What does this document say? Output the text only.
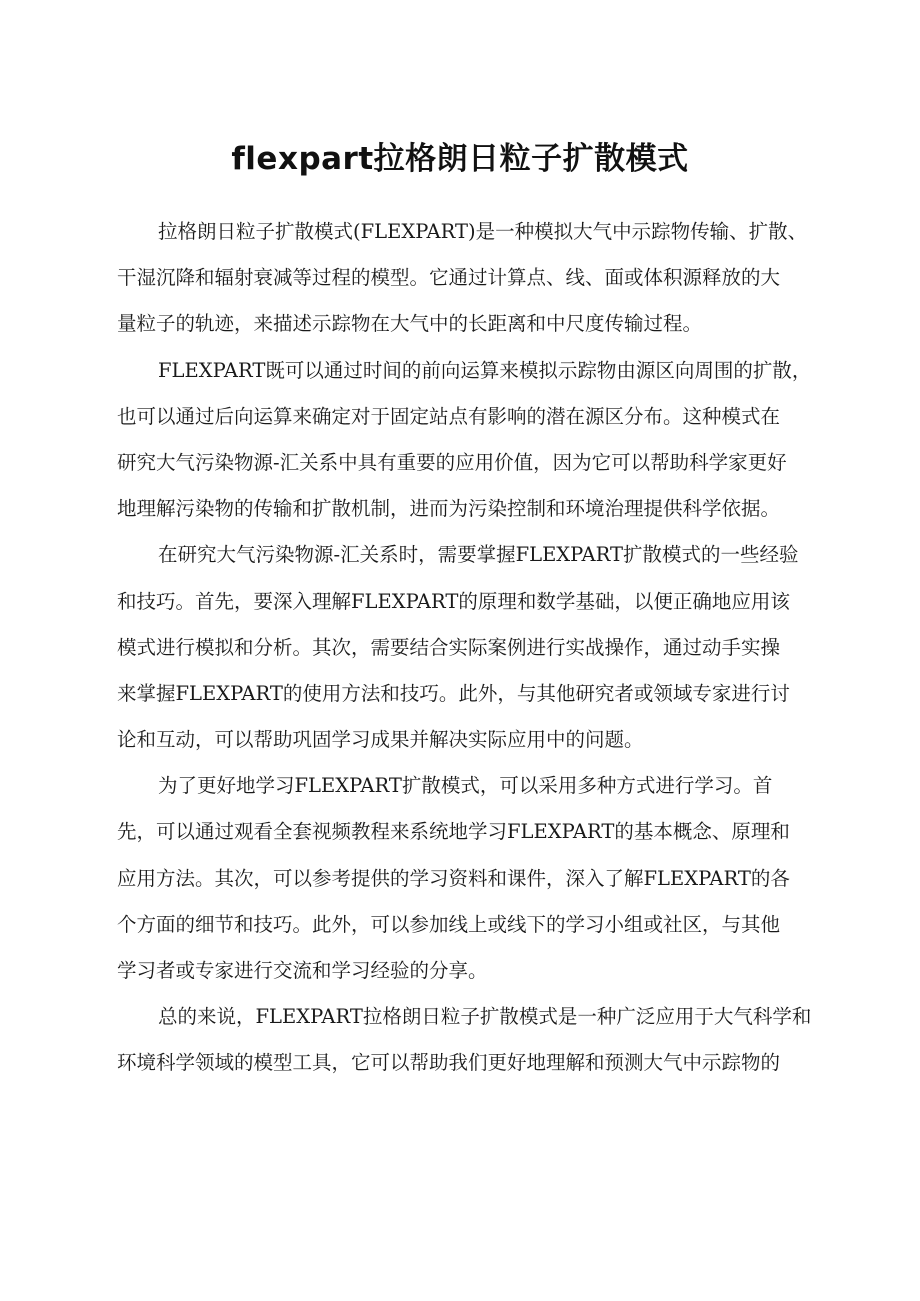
flexpart拉格朗日粒子扩散模式

拉格朗日粒子扩散模式(FLEXPART)是一种模拟大气中示踪物传输、扩散、
干湿沉降和辐射衰减等过程的模型。它通过计算点、线、面或体积源释放的大
量粒子的轨迹，来描述示踪物在大气中的长距离和中尺度传输过程。

FLEXPART既可以通过时间的前向运算来模拟示踪物由源区向周围的扩散，
也可以通过后向运算来确定对于固定站点有影响的潜在源区分布。这种模式在
研究大气污染物源-汇关系中具有重要的应用价值，因为它可以帮助科学家更好
地理解污染物的传输和扩散机制，进而为污染控制和环境治理提供科学依据。

在研究大气污染物源-汇关系时，需要掌握FLEXPART扩散模式的一些经验
和技巧。首先，要深入理解FLEXPART的原理和数学基础，以便正确地应用该
模式进行模拟和分析。其次，需要结合实际案例进行实战操作，通过动手实操
来掌握FLEXPART的使用方法和技巧。此外，与其他研究者或领域专家进行讨
论和互动，可以帮助巩固学习成果并解决实际应用中的问题。

为了更好地学习FLEXPART扩散模式，可以采用多种方式进行学习。首
先，可以通过观看全套视频教程来系统地学习FLEXPART的基本概念、原理和
应用方法。其次，可以参考提供的学习资料和课件，深入了解FLEXPART的各
个方面的细节和技巧。此外，可以参加线上或线下的学习小组或社区，与其他
学习者或专家进行交流和学习经验的分享。

总的来说，FLEXPART拉格朗日粒子扩散模式是一种广泛应用于大气科学和
环境科学领域的模型工具，它可以帮助我们更好地理解和预测大气中示踪物的
